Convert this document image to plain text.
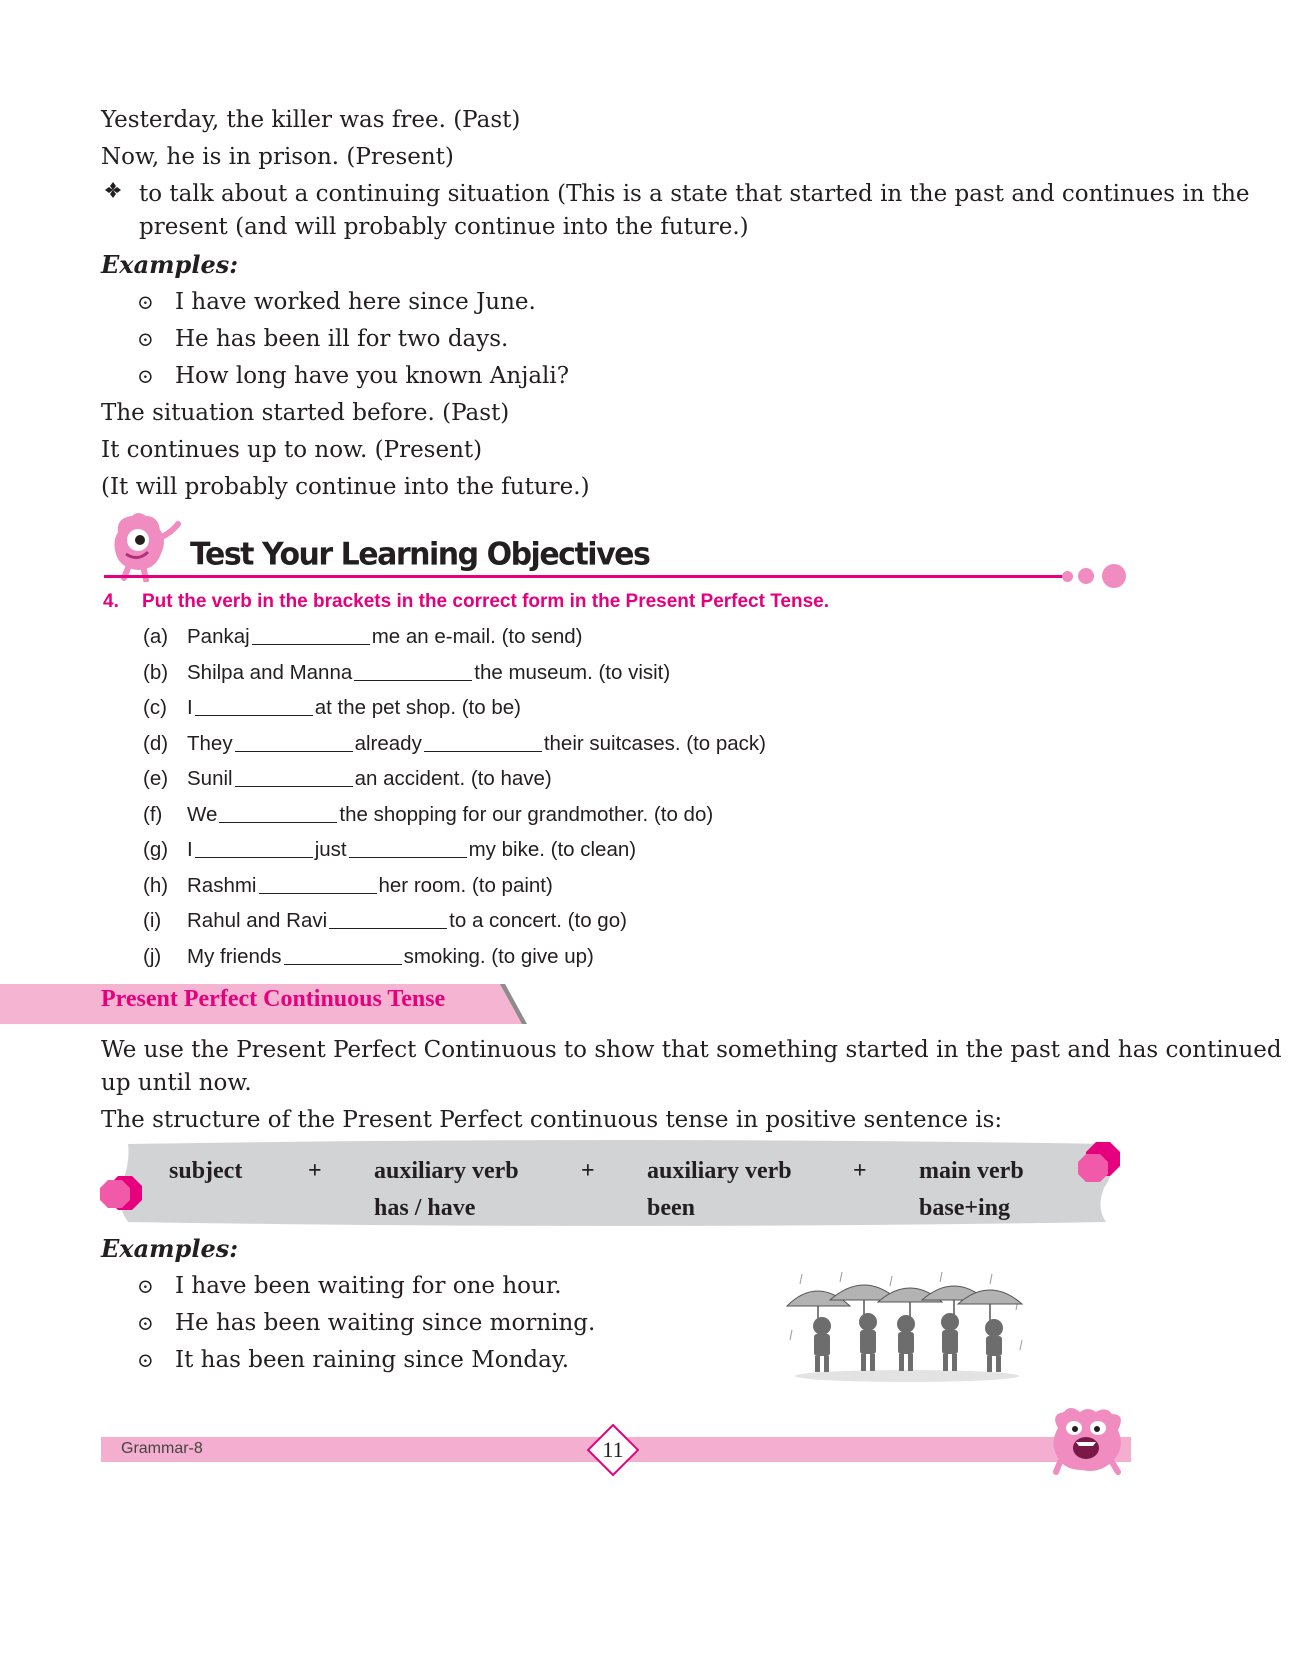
Yesterday, the killer was free. (Past)
Now, he is in prison. (Present)
to talk about a continuing situation (This is a state that started in the past and continues in the
present (and will probably continue into the future.)
Examples:
⊙ I have worked here since June.
⊙ He has been ill for two days.
⊙ How long have you known Anjali?
The situation started before. (Past)
It continues up to now. (Present)
(It will probably continue into the future.)
Test Your Learning Objectives
4. Put the verb in the brackets in the correct form in the Present Perfect Tense.
(a) Pankaj	me an e-mail. (to send)
(b) Shilpa and Manna	the museum. (to visit)
(c) I	at the pet shop. (to be)
(d) They	already	their suitcases. (to pack)
(e) Sunil	an accident. (to have)
(f)	We	the shopping for our grandmother. (to do)
(g) I	just	my bike. (to clean)
(h) Rashmi	her room. (to paint)
(i)	Rahul and Ravi	to a concert. (to go)
(j)	My friends	smoking. (to give up)
Present Perfect Continuous Tense
We use the Present Perfect Continuous to show that something started in the past and has continued
up until now.
The structure of the Present Perfect continuous tense in positive sentence is:
subject	+ auxiliary verb
has / have
+ auxiliary verb
been
+ main verb
base+ing
Examples:
⊙ I have been waiting for one hour.
⊙ He has been waiting since morning.
⊙ It has been raining since Monday.
Grammar-8	11
